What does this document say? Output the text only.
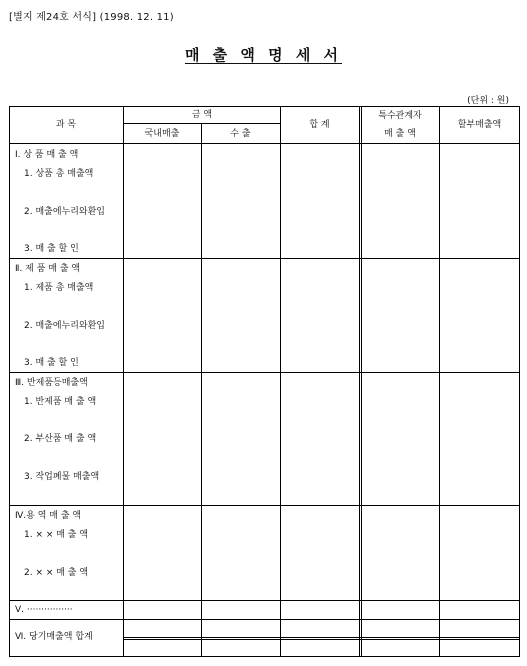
[별지 제24호 서식] (1998. 12. 11)
매 출 액 명 세 서
(단위 : 원)
과 목
금 액
국내매출	수 출
합 계
특수관계자
매 출 액
할부매출액
Ⅰ. 상 품 매 출 액
1. 상품 총 매출액
2. 매출에누리와환입
3. 매 출 할 인
Ⅱ. 제 품 매 출 액
1. 제품 총 매출액
2. 매출에누리와환입
3. 매 출 할 인
Ⅲ. 반제품등매출액
1. 반제품 매 출 액
2. 부산품 매 출 액
3. 작업폐물 매출액
Ⅳ.용 역 매 출 액
1. × × 매 출 액
2. × × 매 출 액
Ⅴ. ················
Ⅵ. 당기매출액 합계
